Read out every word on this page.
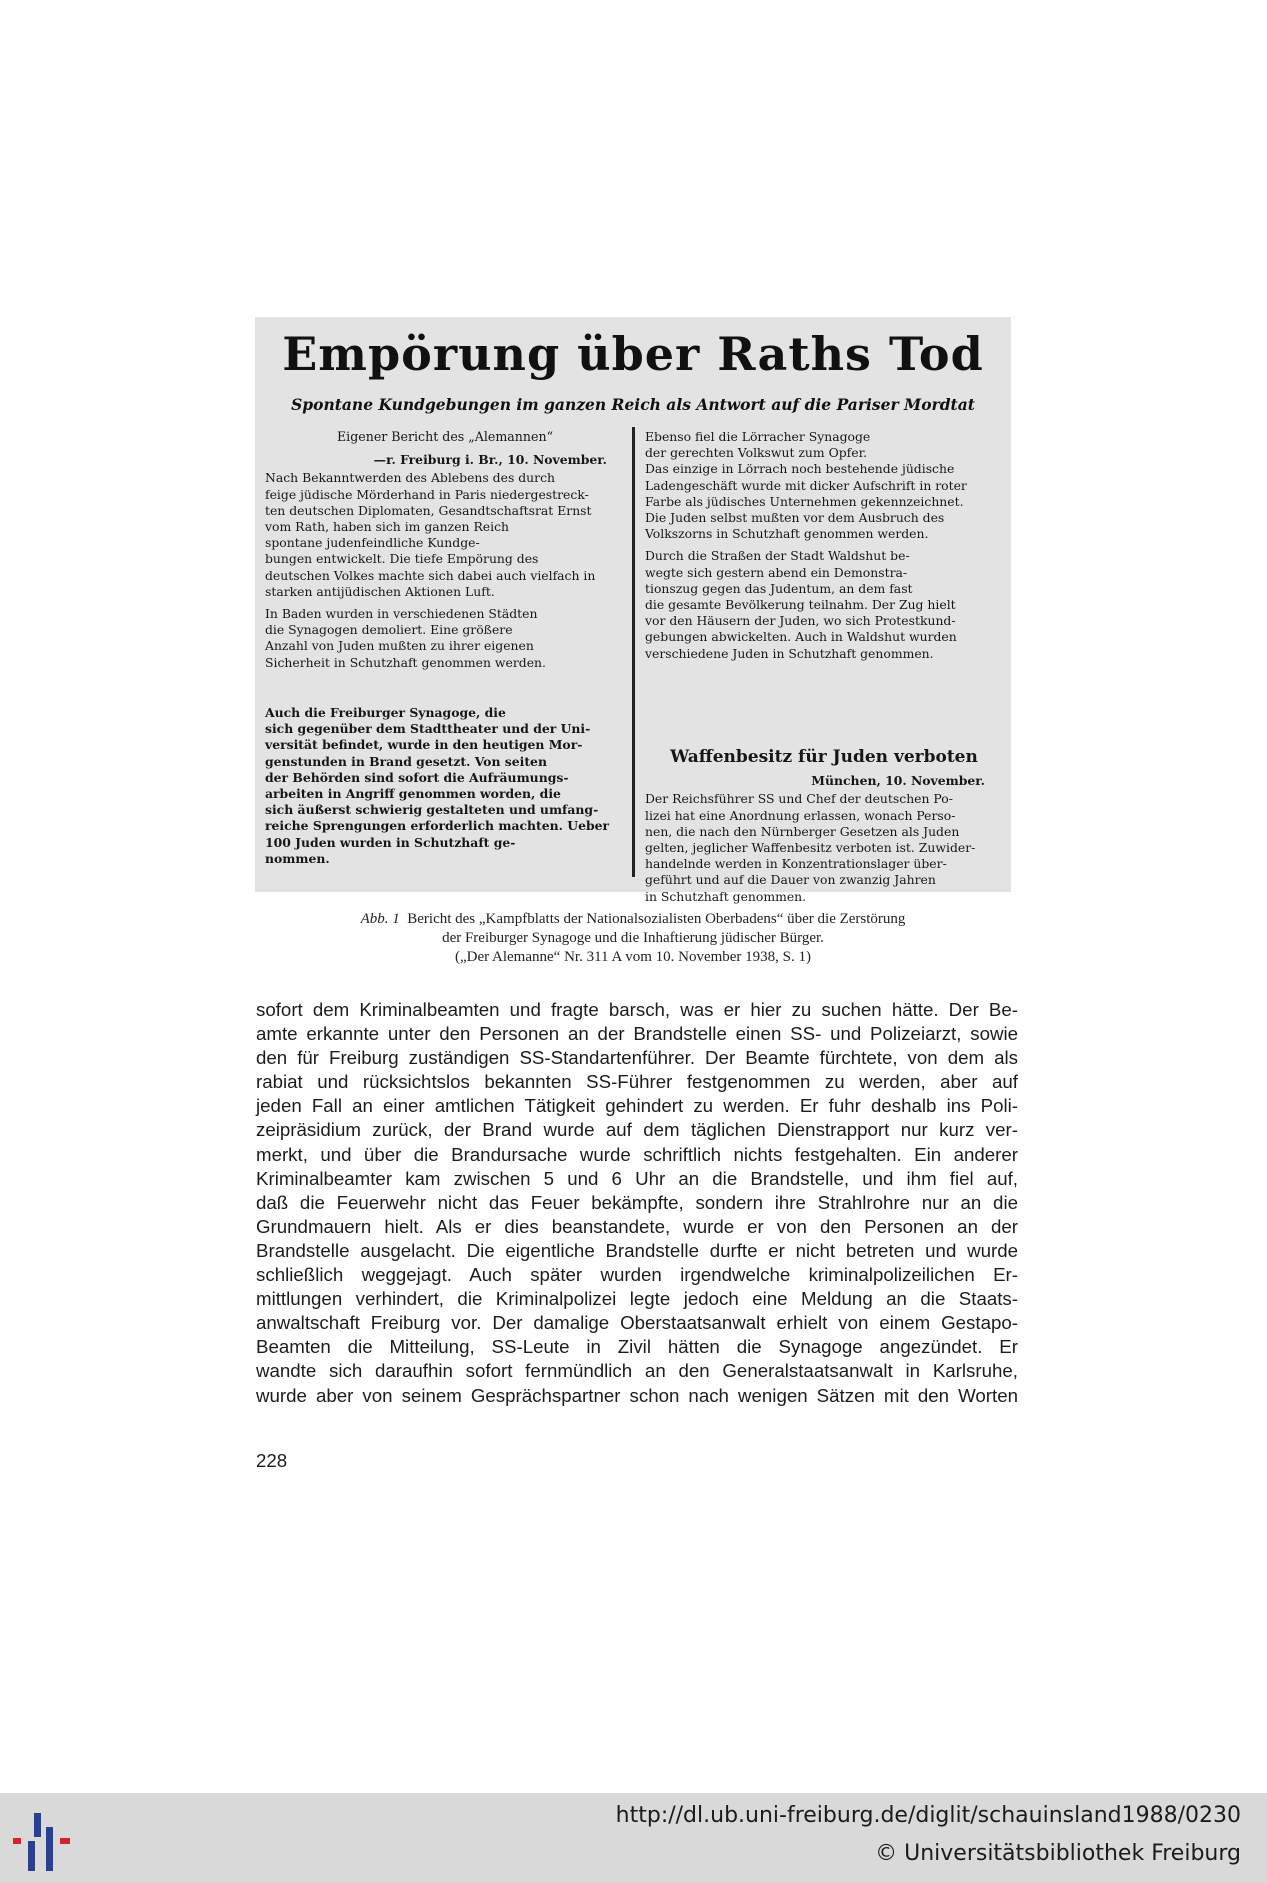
Empörung über Raths Tod
Spontane Kundgebungen im ganzen Reich als Antwort auf die Pariser Mordtat
Eigener Bericht des „Alemannen“
—r. Freiburg i. Br., 10. November.
Nach Bekanntwerden des Ablebens des durch
feige jüdische Mörderhand in Paris niedergestreck-
ten deutschen Diplomaten, Gesandtschaftsrat Ernst
vom Rath, haben sich im ganzen Reich
spontane judenfeindliche Kundge-
bungen entwickelt. Die tiefe Empörung des
deutschen Volkes machte sich dabei auch vielfach in
starken antijüdischen Aktionen Luft.
In Baden wurden in verschiedenen Städten
die Synagogen demoliert. Eine größere
Anzahl von Juden mußten zu ihrer eigenen
Sicherheit in Schutzhaft genommen werden.
Auch die Freiburger Synagoge, die
sich gegenüber dem Stadttheater und der Uni-
versität befindet, wurde in den heutigen Mor-
genstunden in Brand gesetzt. Von seiten
der Behörden sind sofort die Aufräumungs-
arbeiten in Angriff genommen worden, die
sich äußerst schwierig gestalteten und umfang-
reiche Sprengungen erforderlich machten. Ueber
100 Juden wurden in Schutzhaft ge-
nommen.
Ebenso fiel die Lörracher Synagoge
der gerechten Volkswut zum Opfer.
Das einzige in Lörrach noch bestehende jüdische
Ladengeschäft wurde mit dicker Aufschrift in roter
Farbe als jüdisches Unternehmen gekennzeichnet.
Die Juden selbst mußten vor dem Ausbruch des
Volkszorns in Schutzhaft genommen werden.
Durch die Straßen der Stadt Waldshut be-
wegte sich gestern abend ein Demonstra-
tionszug gegen das Judentum, an dem fast
die gesamte Bevölkerung teilnahm. Der Zug hielt
vor den Häusern der Juden, wo sich Protestkund-
gebungen abwickelten. Auch in Waldshut wurden
verschiedene Juden in Schutzhaft genommen.
Waffenbesitz für Juden verboten
München, 10. November.
Der Reichsführer SS und Chef der deutschen Po-
lizei hat eine Anordnung erlassen, wonach Perso-
nen, die nach den Nürnberger Gesetzen als Juden
gelten, jeglicher Waffenbesitz verboten ist. Zuwider-
handelnde werden in Konzentrationslager über-
geführt und auf die Dauer von zwanzig Jahren
in Schutzhaft genommen.
Abb. 1 Bericht des „Kampfblatts der Nationalsozialisten Oberbadens“ über die Zerstörung
der Freiburger Synagoge und die Inhaftierung jüdischer Bürger.
(„Der Alemanne“ Nr. 311 A vom 10. November 1938, S. 1)
sofort dem Kriminalbeamten und fragte barsch, was er hier zu suchen hätte. Der Be-
amte erkannte unter den Personen an der Brandstelle einen SS- und Polizeiarzt, sowie
den für Freiburg zuständigen SS-Standartenführer. Der Beamte fürchtete, von dem als
rabiat und rücksichtslos bekannten SS-Führer festgenommen zu werden, aber auf
jeden Fall an einer amtlichen Tätigkeit gehindert zu werden. Er fuhr deshalb ins Poli-
zeipräsidium zurück, der Brand wurde auf dem täglichen Dienstrapport nur kurz ver-
merkt, und über die Brandursache wurde schriftlich nichts festgehalten. Ein anderer
Kriminalbeamter kam zwischen 5 und 6 Uhr an die Brandstelle, und ihm fiel auf,
daß die Feuerwehr nicht das Feuer bekämpfte, sondern ihre Strahlrohre nur an die
Grundmauern hielt. Als er dies beanstandete, wurde er von den Personen an der
Brandstelle ausgelacht. Die eigentliche Brandstelle durfte er nicht betreten und wurde
schließlich weggejagt. Auch später wurden irgendwelche kriminalpolizeilichen Er-
mittlungen verhindert, die Kriminalpolizei legte jedoch eine Meldung an die Staats-
anwaltschaft Freiburg vor. Der damalige Oberstaatsanwalt erhielt von einem Gestapo-
Beamten die Mitteilung, SS-Leute in Zivil hätten die Synagoge angezündet. Er
wandte sich daraufhin sofort fernmündlich an den Generalstaatsanwalt in Karlsruhe,
wurde aber von seinem Gesprächspartner schon nach wenigen Sätzen mit den Worten
228
http://dl.ub.uni-freiburg.de/diglit/schauinsland1988/0230
© Universitätsbibliothek Freiburg
